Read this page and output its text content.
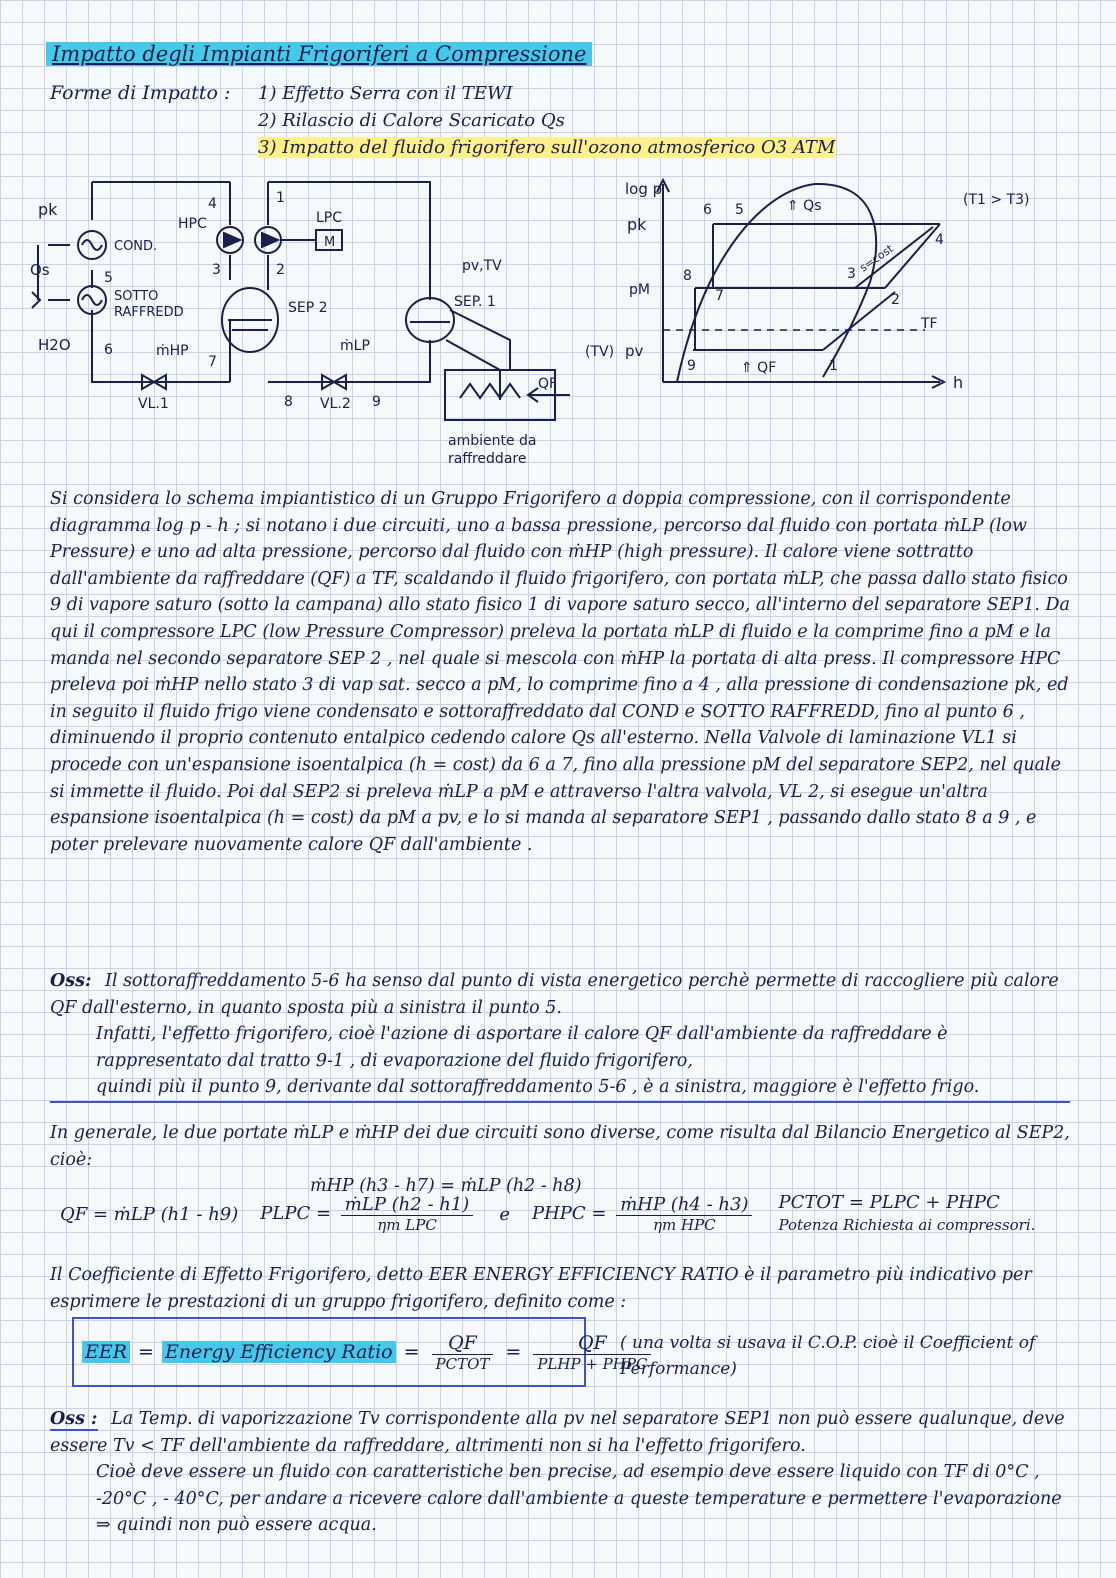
Impatto degli Impianti Frigoriferi a Compressione
Forme di Impatto : 1) Effetto Serra con il TEWI
2) Rilascio di Calore Scaricato Qs
3) Impatto del fluido frigorifero sull'ozono atmosferico O3 ATM
pk
COND.
Qs
SOTTO
RAFFREDD
H2O	ṁHP	ṁLP
HPC	LPC
M
SEP 2	SEP. 1
pv,TV
VL.1	VL.2
QF
ambiente da
raffreddare
4	1
3	2
5
6
7
8	9
log p
h
pk
pM
pv
(TV)
(T1 > T3)
TF
⇑ Qs
⇑ QF
s=cost
1
2
3
4
5
6
7
8
9

Si considera lo schema impiantistico di un Gruppo Frigorifero a doppia compressione, con il corrispondente diagramma log p - h ; si notano i due circuiti, uno a bassa pressione, percorso dal fluido con portata ṁLP (low Pressure) e uno ad alta pressione, percorso dal fluido con ṁHP (high pressure). Il calore viene sottratto dall'ambiente da raffreddare (QF) a TF, scaldando il fluido frigorifero, con portata ṁLP, che passa dallo stato fisico 9 di vapore saturo (sotto la campana) allo stato fisico 1 di vapore saturo secco, all'interno del separatore SEP1. Da qui il compressore LPC (low Pressure Compressor) preleva la portata ṁLP di fluido e la comprime fino a pM e la manda nel secondo separatore SEP 2 , nel quale si mescola con ṁHP la portata di alta press. Il compressore HPC preleva poi ṁHP nello stato 3 di vap sat. secco a pM, lo comprime fino a 4 , alla pressione di condensazione pk, ed in seguito il fluido frigo viene condensato e sottoraffreddato dal COND e SOTTO RAFFREDD, fino al punto 6 , diminuendo il proprio contenuto entalpico cedendo calore Qs all'esterno. Nella Valvole di laminazione VL1 si procede con un'espansione isoentalpica (h = cost) da 6 a 7, fino alla pressione pM del separatore SEP2, nel quale si immette il fluido. Poi dal SEP2 si preleva ṁLP a pM e attraverso l'altra valvola, VL 2, si esegue un'altra espansione isoentalpica (h = cost) da pM a pv, e lo si manda al separatore SEP1 , passando dallo stato 8 a 9 , e poter prelevare nuovamente calore QF dall'ambiente .

Oss: Il sottoraffreddamento 5-6 ha senso dal punto di vista energetico perchè permette di raccogliere più calore QF dall'esterno, in quanto sposta più a sinistra il punto 5.
Infatti, l'effetto frigorifero, cioè l'azione di asportare il calore QF dall'ambiente da raffreddare è rappresentato dal tratto 9-1 , di evaporazione del fluido frigorifero,
quindi più il punto 9, derivante dal sottoraffreddamento 5-6 , è a sinistra, maggiore è l'effetto frigo.

In generale, le due portate ṁLP e ṁHP dei due circuiti sono diverse, come risulta dal Bilancio Energetico al SEP2, cioè:

ṁHP (h3 - h7) = ṁLP (h2 - h8)

QF = ṁLP (h1 - h9) PLPC = $\frac{\text{ṁLP (h2 - h1)}}{\text{ηm LPC}}$ e PHPC = $\frac{\text{ṁHP (h4 - h3)}}{\text{ηm HPC}}$ PCTOT = PLPC + PHPC
Potenza Richiesta ai compressori.

Il Coefficiente di Effetto Frigorifero, detto EER ENERGY EFFICIENCY RATIO è il parametro più indicativo per esprimere le prestazioni di un gruppo frigorifero, definito come :

EER = Energy Efficiency Ratio = $\frac{QF}{\text{PCTOT}} = \frac{QF}{\text{PLHP + PHPC}}$
( una volta si usava il C.O.P. cioè il Coefficient of Performance)

Oss : La Temp. di vaporizzazione Tv corrispondente alla pv nel separatore SEP1 non può essere qualunque, deve essere Tv < TF dell'ambiente da raffreddare, altrimenti non si ha l'effetto frigorifero.
Cioè deve essere un fluido con caratteristiche ben precise, ad esempio deve essere liquido con TF di 0°C , -20°C , - 40°C, per andare a ricevere calore dall'ambiente a queste temperature e permettere l'evaporazione ⇒ quindi non può essere acqua.
